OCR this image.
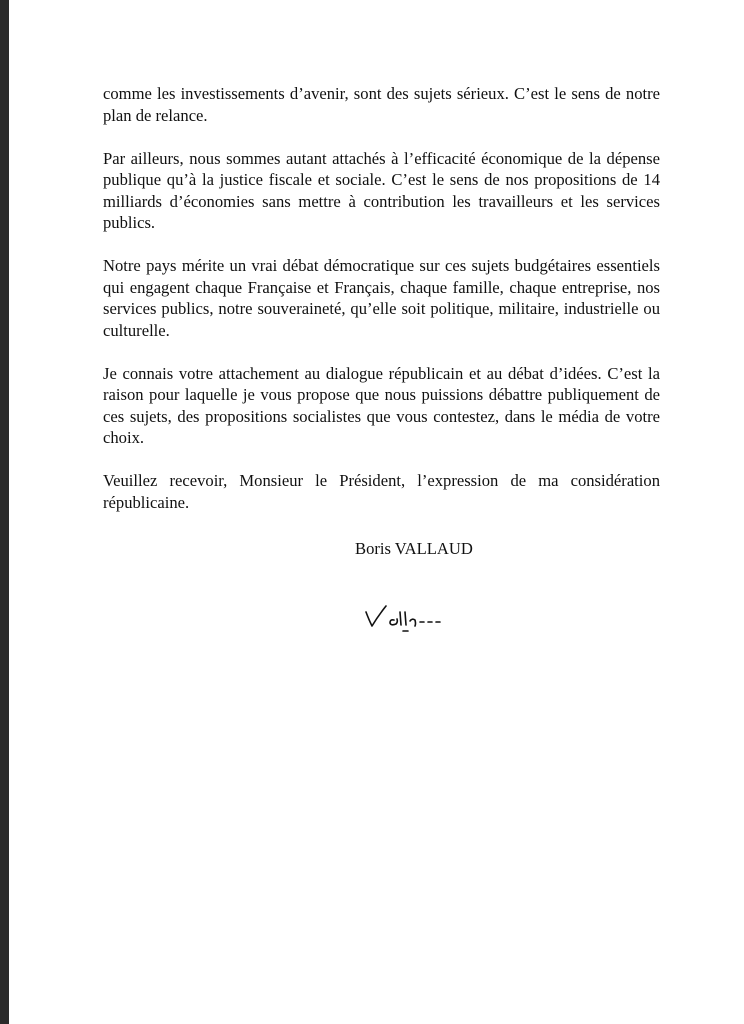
comme les investissements d’avenir, sont des sujets sérieux. C’est le sens de notre plan de relance.

Par ailleurs, nous sommes autant attachés à l’efficacité économique de la dépense publique qu’à la justice fiscale et sociale. C’est le sens de nos propositions de 14 milliards d’économies sans mettre à contribution les travailleurs et les services publics.

Notre pays mérite un vrai débat démocratique sur ces sujets budgétaires essentiels qui engagent chaque Française et Français, chaque famille, chaque entreprise, nos services publics, notre souveraineté, qu’elle soit politique, militaire, industrielle ou culturelle.

Je connais votre attachement au dialogue républicain et au débat d’idées. C’est la raison pour laquelle je vous propose que nous puissions débattre publiquement de ces sujets, des propositions socialistes que vous contestez, dans le média de votre choix.

Veuillez recevoir, Monsieur le Président, l’expression de ma considération républicaine.

Boris VALLAUD
